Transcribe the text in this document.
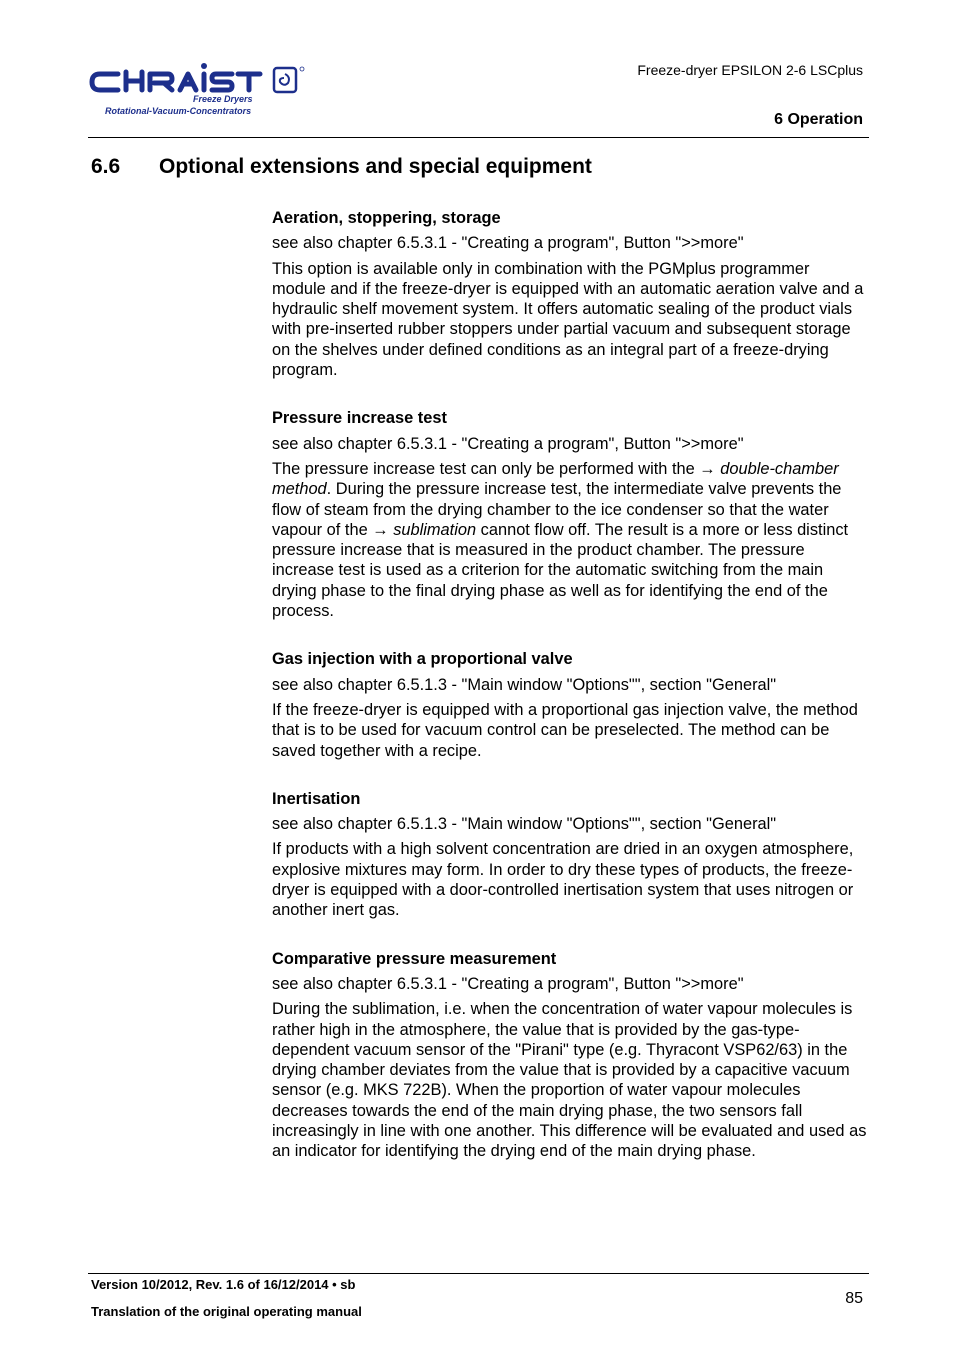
Freeze Dryers
Rotational-Vacuum-Concentrators
Freeze-dryer EPSILON 2-6 LSCplus
6 Operation
6.6 Optional extensions and special equipment
Aeration, stoppering, storage

see also chapter 6.5.3.1 - "Creating a program", Button ">>more"

This option is available only in combination with the PGMplus programmer module and if the freeze-dryer is equipped with an automatic aeration valve and a hydraulic shelf movement system. It offers automatic sealing of the product vials with pre-inserted rubber stoppers under partial vacuum and subsequent storage on the shelves under defined conditions as an integral part of a freeze-drying program.

Pressure increase test

see also chapter 6.5.3.1 - "Creating a program", Button ">>more"

The pressure increase test can only be performed with the → double-chamber method. During the pressure increase test, the intermediate valve prevents the flow of steam from the drying chamber to the ice condenser so that the water vapour of the → sublimation cannot flow off. The result is a more or less distinct pressure increase that is measured in the product chamber. The pressure increase test is used as a criterion for the automatic switching from the main drying phase to the final drying phase as well as for identifying the end of the process.

Gas injection with a proportional valve

see also chapter 6.5.1.3 - "Main window "Options"", section "General"

If the freeze-dryer is equipped with a proportional gas injection valve, the method that is to be used for vacuum control can be preselected. The method can be saved together with a recipe.

Inertisation

see also chapter 6.5.1.3 - "Main window "Options"", section "General"

If products with a high solvent concentration are dried in an oxygen atmosphere, explosive mixtures may form. In order to dry these types of products, the freeze-dryer is equipped with a door-controlled inertisation system that uses nitrogen or another inert gas.

Comparative pressure measurement

see also chapter 6.5.3.1 - "Creating a program", Button ">>more"

During the sublimation, i.e. when the concentration of water vapour molecules is rather high in the atmosphere, the value that is provided by the gas-type-dependent vacuum sensor of the "Pirani" type (e.g. Thyracont VSP62/63) in the drying chamber deviates from the value that is provided by a capacitive vacuum sensor (e.g. MKS 722B). When the proportion of water vapour molecules decreases towards the end of the main drying phase, the two sensors fall increasingly in line with one another. This difference will be evaluated and used as an indicator for identifying the drying end of the main drying phase.

Version 10/2012, Rev. 1.6 of 16/12/2014 • sb
Translation of the original operating manual
85
